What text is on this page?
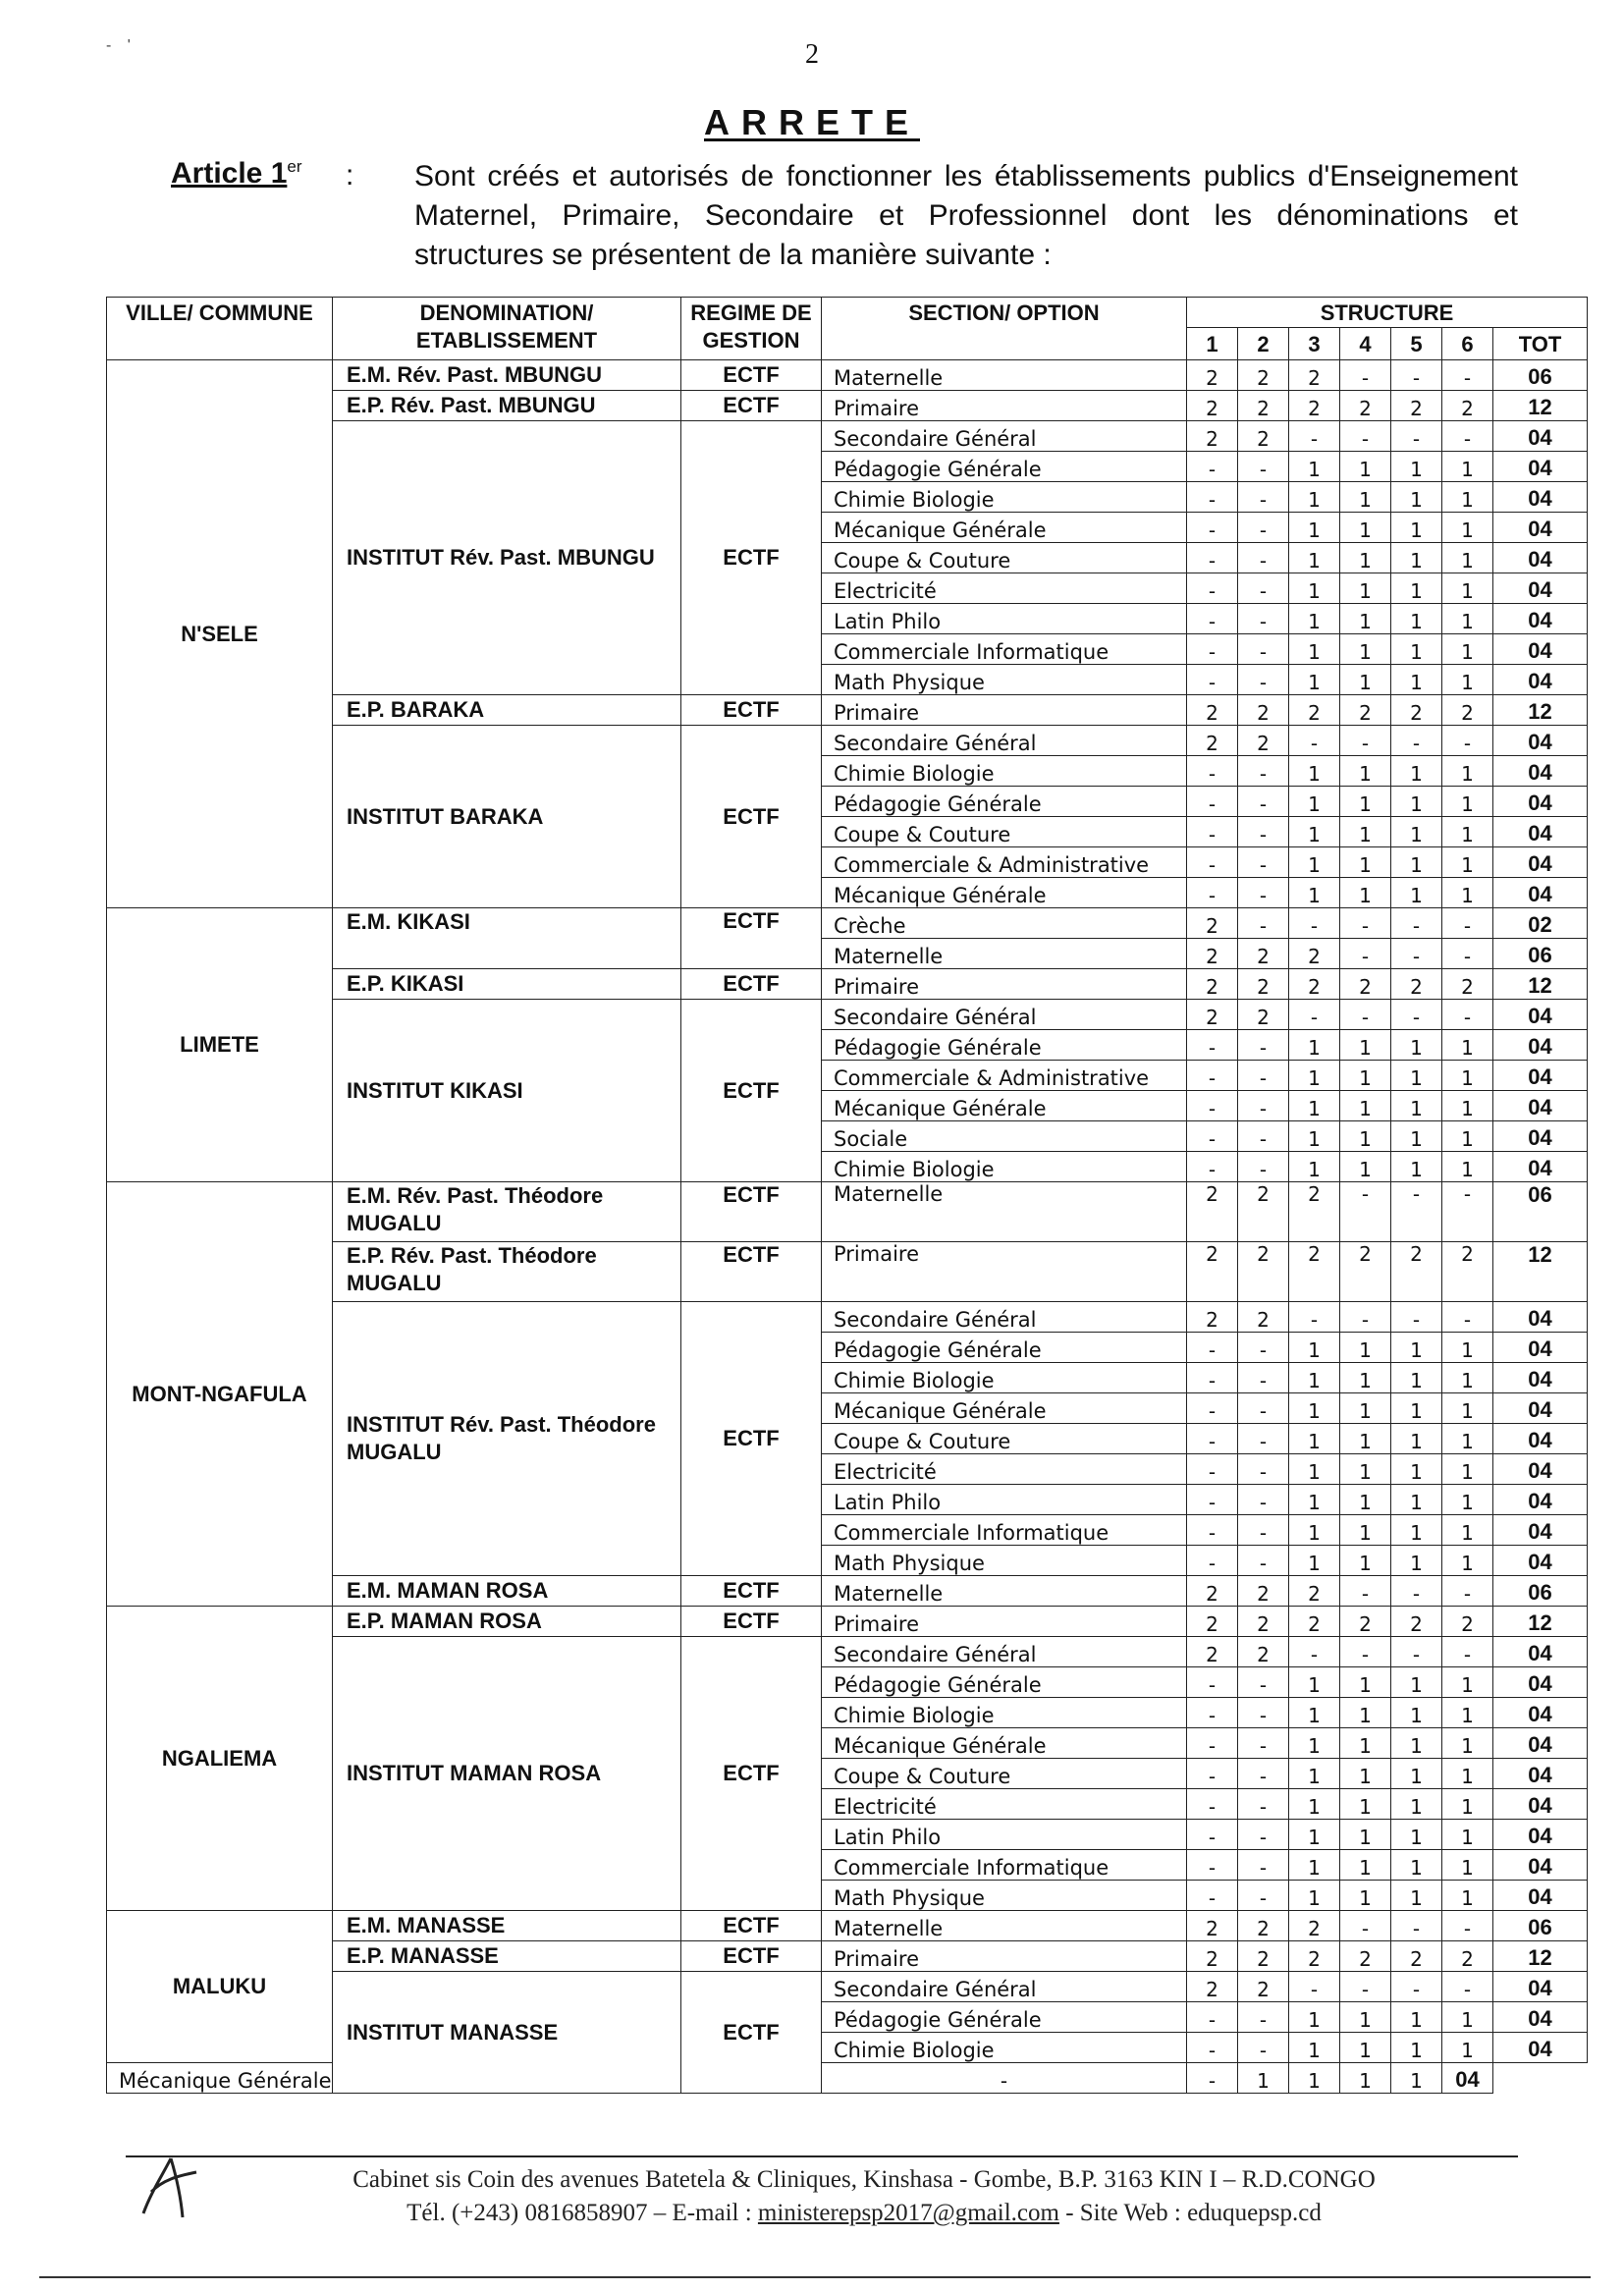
- '	2
ARRETE
Article 1er : Sont créés et autorisés de fonctionner les établissements publics d'Enseignement Maternel, Primaire, Secondaire et Professionnel dont les dénominations et structures se présentent de la manière suivante :
VILLE/ COMMUNE	DENOMINATION/ ETABLISSEMENT	REGIME DE GESTION	SECTION/ OPTION	STRUCTURE						
				1	2	3	4	5	6	TOT
N'SELE	E.M. Rév. Past. MBUNGU	ECTF	Maternelle	2	2	2	-	-	-	06
	E.P. Rév. Past. MBUNGU	ECTF	Primaire	2	2	2	2	2	2	12
	INSTITUT Rév. Past. MBUNGU	ECTF	Secondaire Général	2	2	-	-	-	-	04
			Pédagogie Générale	-	-	1	1	1	1	04
			Chimie Biologie	-	-	1	1	1	1	04
			Mécanique Générale	-	-	1	1	1	1	04
			Coupe & Couture	-	-	1	1	1	1	04
			Electricité	-	-	1	1	1	1	04
			Latin Philo	-	-	1	1	1	1	04
			Commerciale Informatique	-	-	1	1	1	1	04
			Math Physique	-	-	1	1	1	1	04
	E.P. BARAKA	ECTF	Primaire	2	2	2	2	2	2	12
	INSTITUT BARAKA	ECTF	Secondaire Général	2	2	-	-	-	-	04
			Chimie Biologie	-	-	1	1	1	1	04
			Pédagogie Générale	-	-	1	1	1	1	04
			Coupe & Couture	-	-	1	1	1	1	04
			Commerciale & Administrative	-	-	1	1	1	1	04
			Mécanique Générale	-	-	1	1	1	1	04
LIMETE	E.M. KIKASI	ECTF	Crèche	2	-	-	-	-	-	02
			Maternelle	2	2	2	-	-	-	06
	E.P. KIKASI	ECTF	Primaire	2	2	2	2	2	2	12
	INSTITUT KIKASI	ECTF	Secondaire Général	2	2	-	-	-	-	04
			Pédagogie Générale	-	-	1	1	1	1	04
			Commerciale & Administrative	-	-	1	1	1	1	04
			Mécanique Générale	-	-	1	1	1	1	04
			Sociale	-	-	1	1	1	1	04
			Chimie Biologie	-	-	1	1	1	1	04
MONT-NGAFULA	E.M. Rév. Past. Théodore MUGALU	ECTF	Maternelle	2	2	2	-	-	-	06
	E.P. Rév. Past. Théodore MUGALU	ECTF	Primaire	2	2	2	2	2	2	12
	INSTITUT Rév. Past. Théodore MUGALU	ECTF	Secondaire Général	2	2	-	-	-	-	04
			Pédagogie Générale	-	-	1	1	1	1	04
			Chimie Biologie	-	-	1	1	1	1	04
			Mécanique Générale	-	-	1	1	1	1	04
			Coupe & Couture	-	-	1	1	1	1	04
			Electricité	-	-	1	1	1	1	04
			Latin Philo	-	-	1	1	1	1	04
			Commerciale Informatique	-	-	1	1	1	1	04
			Math Physique	-	-	1	1	1	1	04
	E.M. MAMAN ROSA	ECTF	Maternelle	2	2	2	-	-	-	06
NGALIEMA	E.P. MAMAN ROSA	ECTF	Primaire	2	2	2	2	2	2	12
	INSTITUT MAMAN ROSA	ECTF	Secondaire Général	2	2	-	-	-	-	04
			Pédagogie Générale	-	-	1	1	1	1	04
			Chimie Biologie	-	-	1	1	1	1	04
			Mécanique Générale	-	-	1	1	1	1	04
			Coupe & Couture	-	-	1	1	1	1	04
			Electricité	-	-	1	1	1	1	04
			Latin Philo	-	-	1	1	1	1	04
			Commerciale Informatique	-	-	1	1	1	1	04
			Math Physique	-	-	1	1	1	1	04
MALUKU	E.M. MANASSE	ECTF	Maternelle	2	2	2	-	-	-	06
	E.P. MANASSE	ECTF	Primaire	2	2	2	2	2	2	12
	INSTITUT MANASSE	ECTF	Secondaire Général	2	2	-	-	-	-	04
			Pédagogie Générale	-	-	1	1	1	1	04
			Chimie Biologie	-	-	1	1	1	1	04
Mécanique Générale			-	-	1	1	1	1	04	
Cabinet sis Coin des avenues Batetela & Cliniques, Kinshasa - Gombe, B.P. 3163 KIN I – R.D.CONGO
Tél. (+243) 0816858907 – E-mail : ministerepsp2017@gmail.com - Site Web : eduquepsp.cd
